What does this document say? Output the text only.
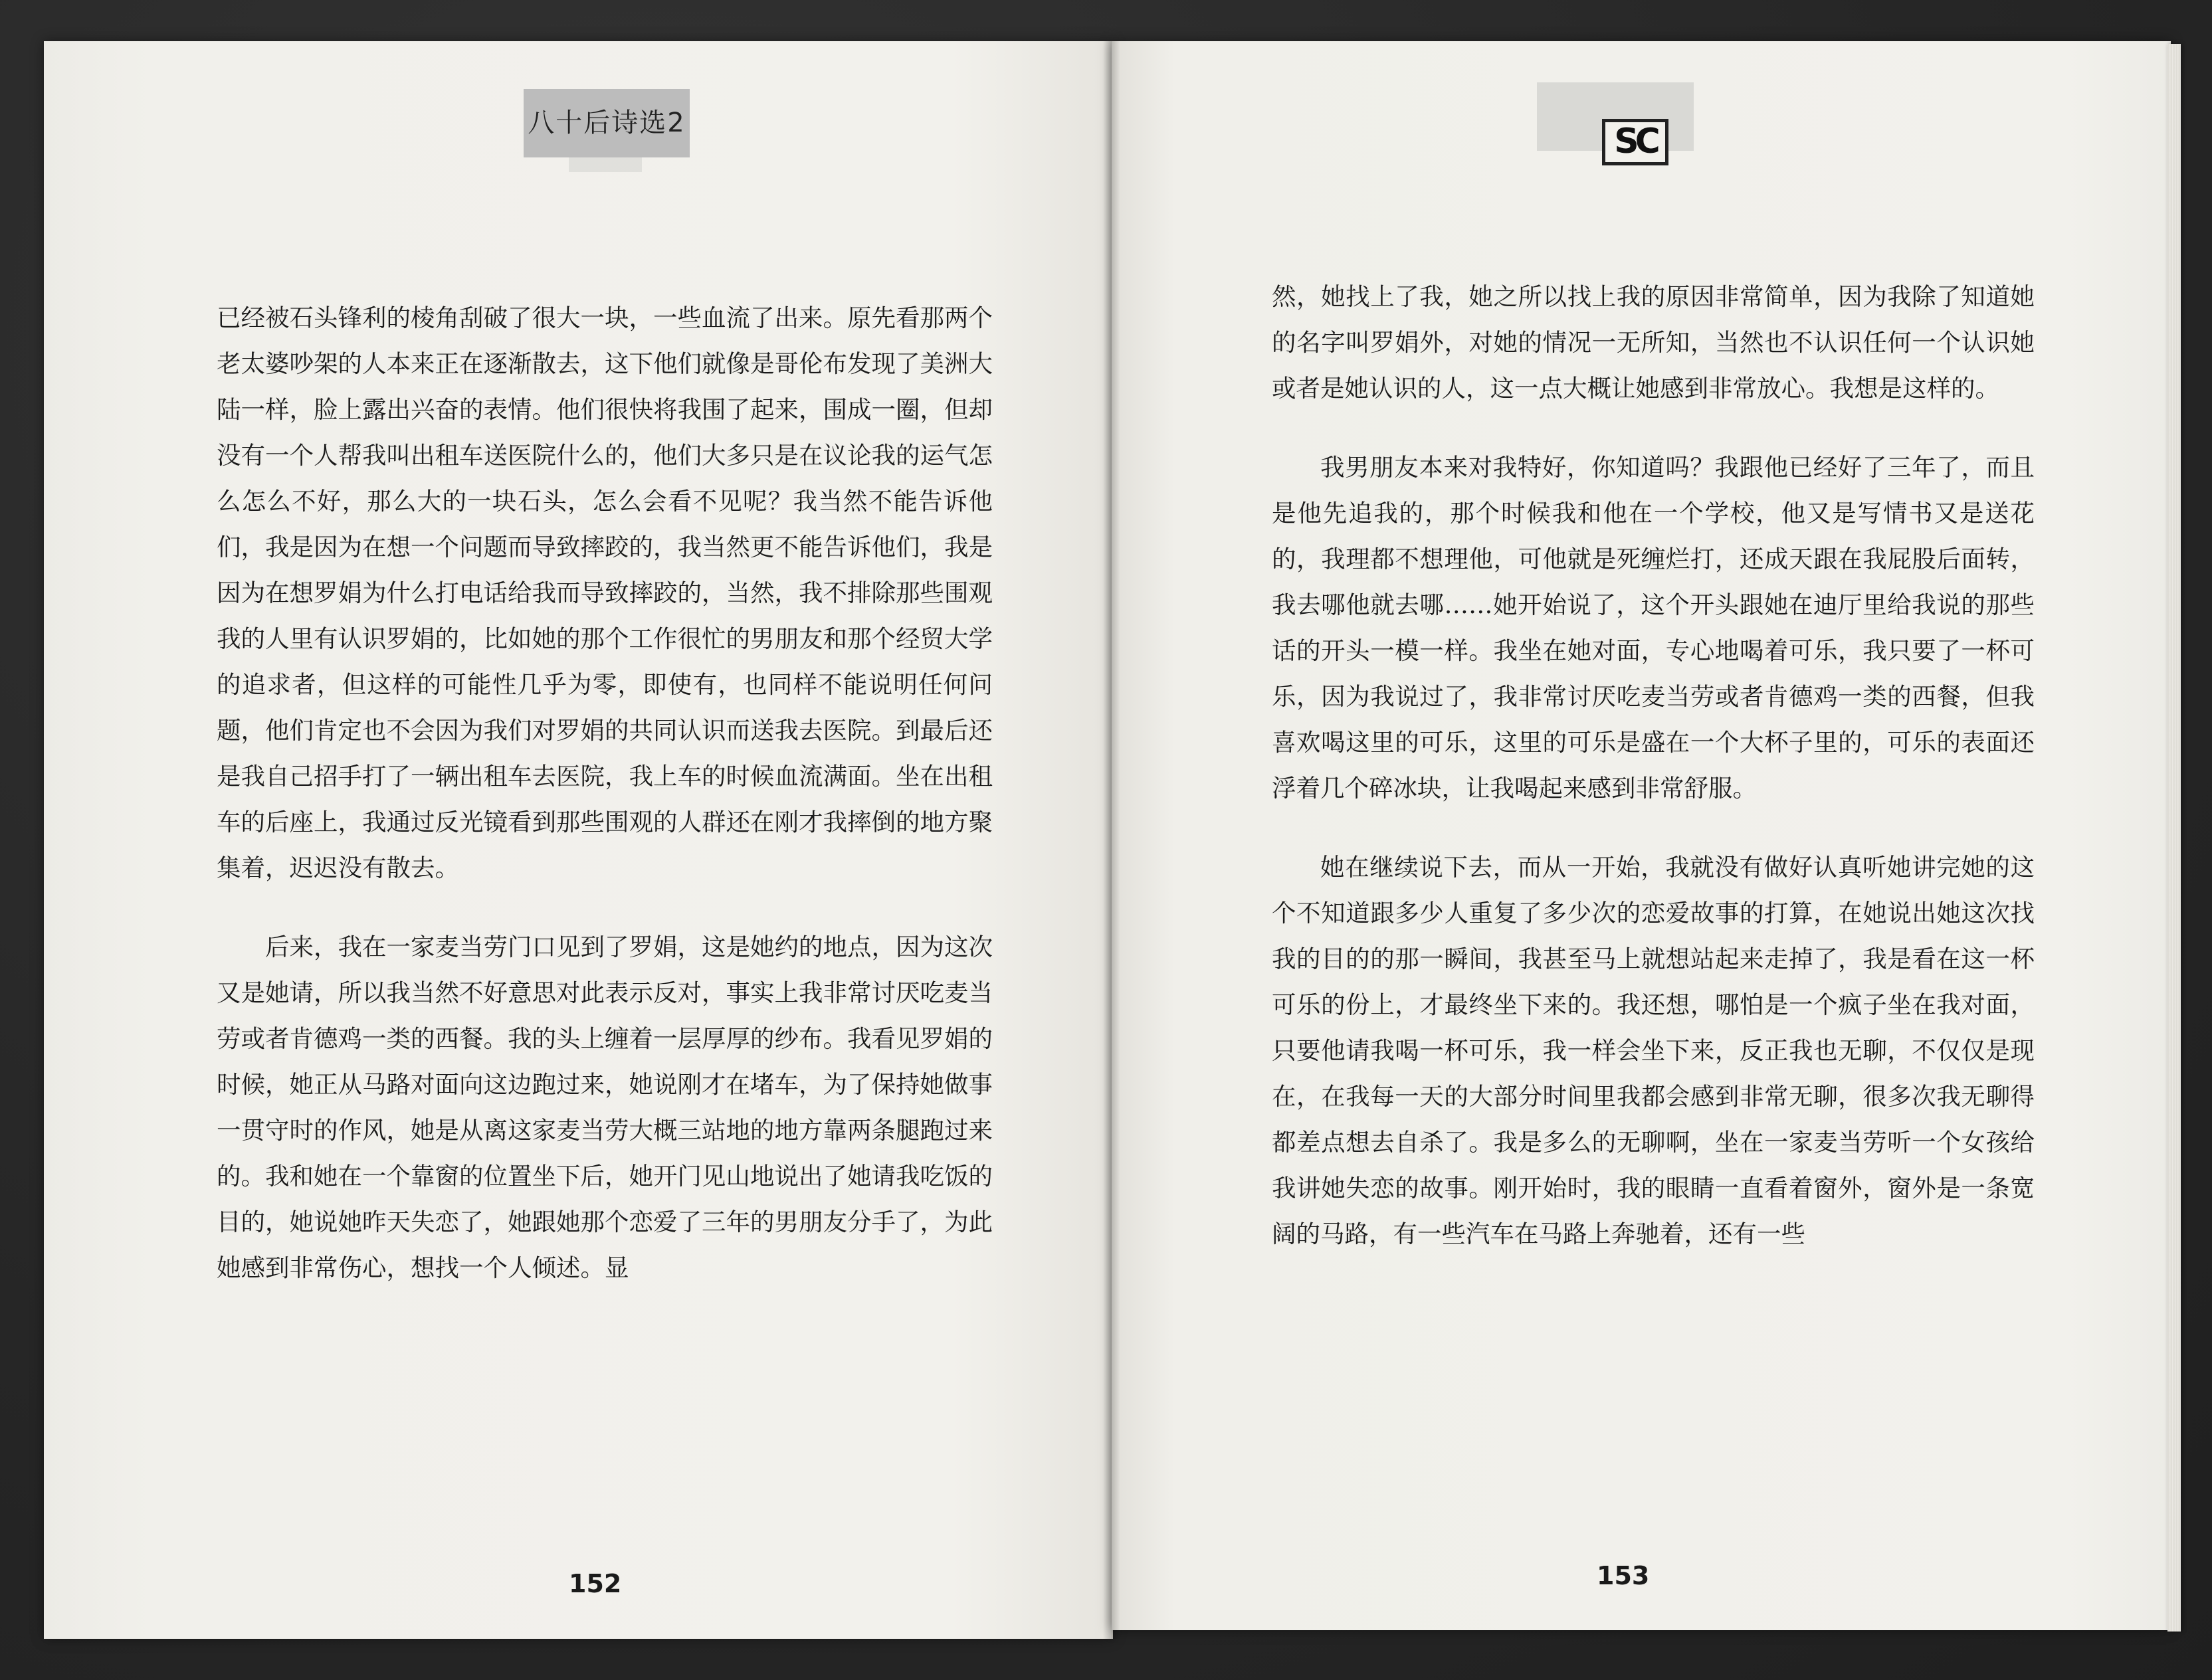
八十后诗选2

已经被石头锋利的棱角刮破了很大一块，一些血流了出来。原先看那两个老太婆吵架的人本来正在逐渐散去，这下他们就像是哥伦布发现了美洲大陆一样，脸上露出兴奋的表情。他们很快将我围了起来，围成一圈，但却没有一个人帮我叫出租车送医院什么的，他们大多只是在议论我的运气怎么怎么不好，那么大的一块石头，怎么会看不见呢？我当然不能告诉他们，我是因为在想一个问题而导致摔跤的，我当然更不能告诉他们，我是因为在想罗娟为什么打电话给我而导致摔跤的，当然，我不排除那些围观我的人里有认识罗娟的，比如她的那个工作很忙的男朋友和那个经贸大学的追求者，但这样的可能性几乎为零，即使有，也同样不能说明任何问题，他们肯定也不会因为我们对罗娟的共同认识而送我去医院。到最后还是我自己招手打了一辆出租车去医院，我上车的时候血流满面。坐在出租车的后座上，我通过反光镜看到那些围观的人群还在刚才我摔倒的地方聚集着，迟迟没有散去。

后来，我在一家麦当劳门口见到了罗娟，这是她约的地点，因为这次又是她请，所以我当然不好意思对此表示反对，事实上我非常讨厌吃麦当劳或者肯德鸡一类的西餐。我的头上缠着一层厚厚的纱布。我看见罗娟的时候，她正从马路对面向这边跑过来，她说刚才在堵车，为了保持她做事一贯守时的作风，她是从离这家麦当劳大概三站地的地方靠两条腿跑过来的。我和她在一个靠窗的位置坐下后，她开门见山地说出了她请我吃饭的目的，她说她昨天失恋了，她跟她那个恋爱了三年的男朋友分手了，为此她感到非常伤心，想找一个人倾述。显

152
SC

然，她找上了我，她之所以找上我的原因非常简单，因为我除了知道她的名字叫罗娟外，对她的情况一无所知，当然也不认识任何一个认识她或者是她认识的人，这一点大概让她感到非常放心。我想是这样的。

我男朋友本来对我特好，你知道吗？我跟他已经好了三年了，而且是他先追我的，那个时候我和他在一个学校，他又是写情书又是送花的，我理都不想理他，可他就是死缠烂打，还成天跟在我屁股后面转，我去哪他就去哪……她开始说了，这个开头跟她在迪厅里给我说的那些话的开头一模一样。我坐在她对面，专心地喝着可乐，我只要了一杯可乐，因为我说过了，我非常讨厌吃麦当劳或者肯德鸡一类的西餐，但我喜欢喝这里的可乐，这里的可乐是盛在一个大杯子里的，可乐的表面还浮着几个碎冰块，让我喝起来感到非常舒服。

她在继续说下去，而从一开始，我就没有做好认真听她讲完她的这个不知道跟多少人重复了多少次的恋爱故事的打算，在她说出她这次找我的目的的那一瞬间，我甚至马上就想站起来走掉了，我是看在这一杯可乐的份上，才最终坐下来的。我还想，哪怕是一个疯子坐在我对面，只要他请我喝一杯可乐，我一样会坐下来，反正我也无聊，不仅仅是现在，在我每一天的大部分时间里我都会感到非常无聊，很多次我无聊得都差点想去自杀了。我是多么的无聊啊，坐在一家麦当劳听一个女孩给我讲她失恋的故事。刚开始时，我的眼睛一直看着窗外，窗外是一条宽阔的马路，有一些汽车在马路上奔驰着，还有一些

153
